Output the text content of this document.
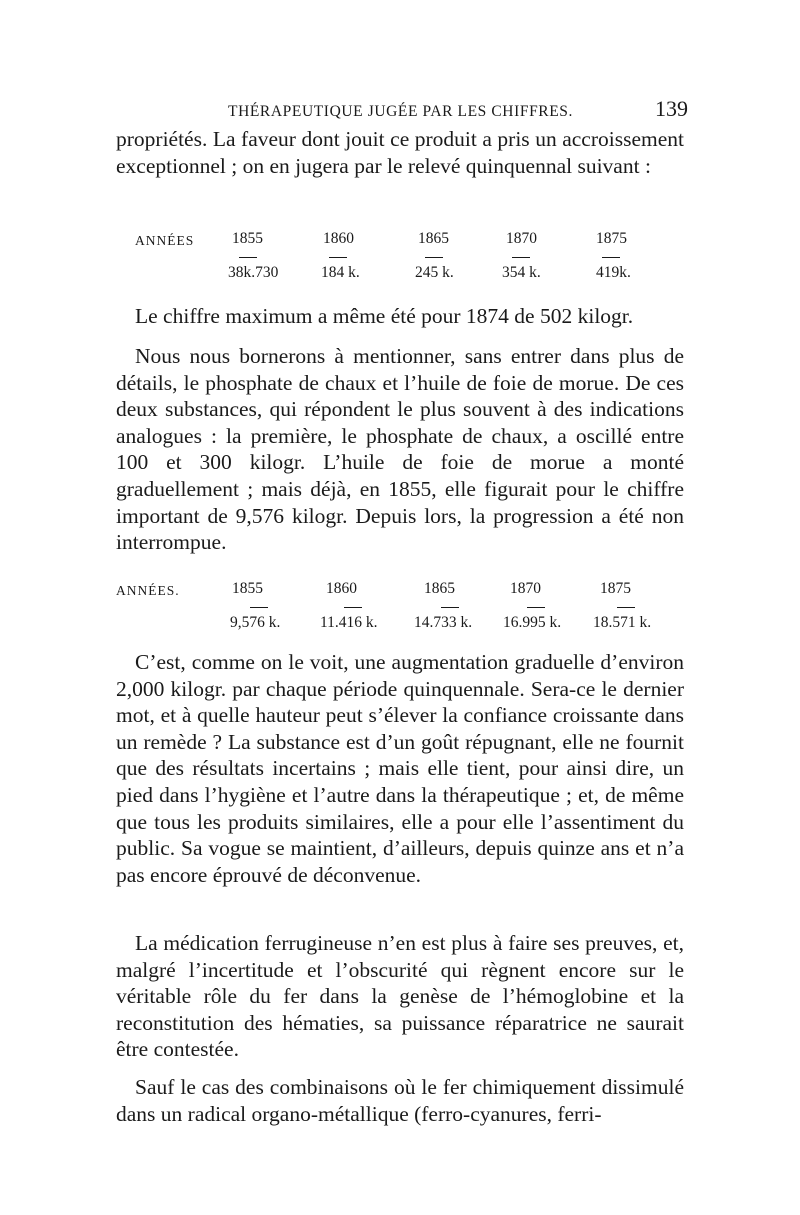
THÉRAPEUTIQUE JUGÉE PAR LES CHIFFRES.	139

propriétés. La faveur dont jouit ce produit a pris un accroissement exceptionnel ; on en jugera par le relevé quinquennal suivant :

ANNÉES 1855	1860	1865	1870	1875
38k.730	184 k.	245 k.	354 k.	419k.

Le chiffre maximum a même été pour 1874 de 502 kilogr.

Nous nous bornerons à mentionner, sans entrer dans plus de détails, le phosphate de chaux et l’huile de foie de morue. De ces deux substances, qui répondent le plus souvent à des indications analogues : la première, le phosphate de chaux, a oscillé entre 100 et 300 kilogr. L’huile de foie de morue a monté graduellement ; mais déjà, en 1855, elle figurait pour le chiffre important de 9,576 kilogr. Depuis lors, la progression a été non interrompue.

ANNÉES.	1855	1860	1865	1870	1875
9,576 k.	11.416 k. 14.733 k. 16.995 k. 18.571 k.

C’est, comme on le voit, une augmentation graduelle d’environ 2,000 kilogr. par chaque période quinquennale. Sera-ce le dernier mot, et à quelle hauteur peut s’élever la confiance croissante dans un remède ? La substance est d’un goût répugnant, elle ne fournit que des résultats incertains ; mais elle tient, pour ainsi dire, un pied dans l’hygiène et l’autre dans la thérapeutique ; et, de même que tous les produits similaires, elle a pour elle l’assentiment du public. Sa vogue se maintient, d’ailleurs, depuis quinze ans et n’a pas encore éprouvé de déconvenue.

La médication ferrugineuse n’en est plus à faire ses preuves, et, malgré l’incertitude et l’obscurité qui règnent encore sur le véritable rôle du fer dans la genèse de l’hémoglobine et la reconstitution des hématies, sa puissance réparatrice ne saurait être contestée.

Sauf le cas des combinaisons où le fer chimiquement dissimulé dans un radical organo-métallique (ferro-cyanures, ferri-
